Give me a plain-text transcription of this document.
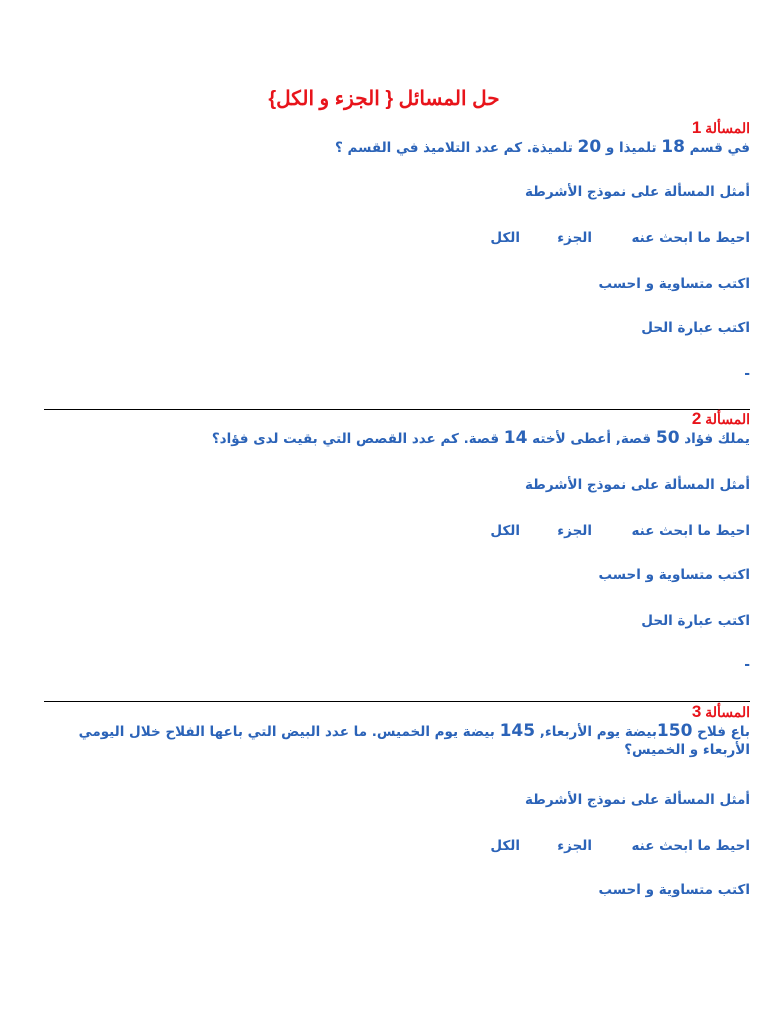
حل المسائل { الجزء و الكل}
المسألة 1
في قسم 18 تلميذا و 20 تلميذة. كم عدد التلاميذ في القسم ؟
أمثل المسألة على نموذج الأشرطة
احيط ما ابحث عنه
الجزء
الكل
اكتب متساوية و احسب
اكتب عبارة الحل
-
المسألة 2
يملك فؤاد 50 قصة, أعطى لأخته 14 قصة. كم عدد القصص التي بقيت لدى فؤاد؟
أمثل المسألة على نموذج الأشرطة
احيط ما ابحث عنه
الجزء
الكل
اكتب متساوية و احسب
اكتب عبارة الحل
-
المسألة 3
باع فلاح 150بيضة يوم الأربعاء, 145 بيضة يوم الخميس. ما عدد البيض التي باعها الفلاح خلال اليومي الأربعاء و الخميس؟
أمثل المسألة على نموذج الأشرطة
احيط ما ابحث عنه
الجزء
الكل
اكتب متساوية و احسب
